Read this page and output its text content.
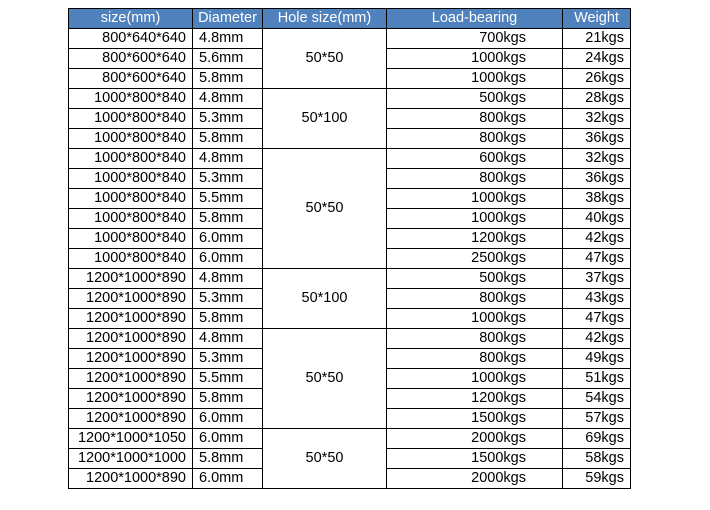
size(mm)	Diameter	Hole size(mm)	Load-bearing	Weight
800*640*640	4.8mm	50*50	700kgs	21kgs
800*600*640	5.6mm		1000kgs	24kgs
800*600*640	5.8mm		1000kgs	26kgs
1000*800*840	4.8mm	50*100	500kgs	28kgs
1000*800*840	5.3mm		800kgs	32kgs
1000*800*840	5.8mm		800kgs	36kgs
1000*800*840	4.8mm	50*50	600kgs	32kgs
1000*800*840	5.3mm		800kgs	36kgs
1000*800*840	5.5mm		1000kgs	38kgs
1000*800*840	5.8mm		1000kgs	40kgs
1000*800*840	6.0mm		1200kgs	42kgs
1000*800*840	6.0mm		2500kgs	47kgs
1200*1000*890	4.8mm	50*100	500kgs	37kgs
1200*1000*890	5.3mm		800kgs	43kgs
1200*1000*890	5.8mm		1000kgs	47kgs
1200*1000*890	4.8mm	50*50	800kgs	42kgs
1200*1000*890	5.3mm		800kgs	49kgs
1200*1000*890	5.5mm		1000kgs	51kgs
1200*1000*890	5.8mm		1200kgs	54kgs
1200*1000*890	6.0mm		1500kgs	57kgs
1200*1000*1050	6.0mm	50*50	2000kgs	69kgs
1200*1000*1000	5.8mm		1500kgs	58kgs
1200*1000*890	6.0mm		2000kgs	59kgs
